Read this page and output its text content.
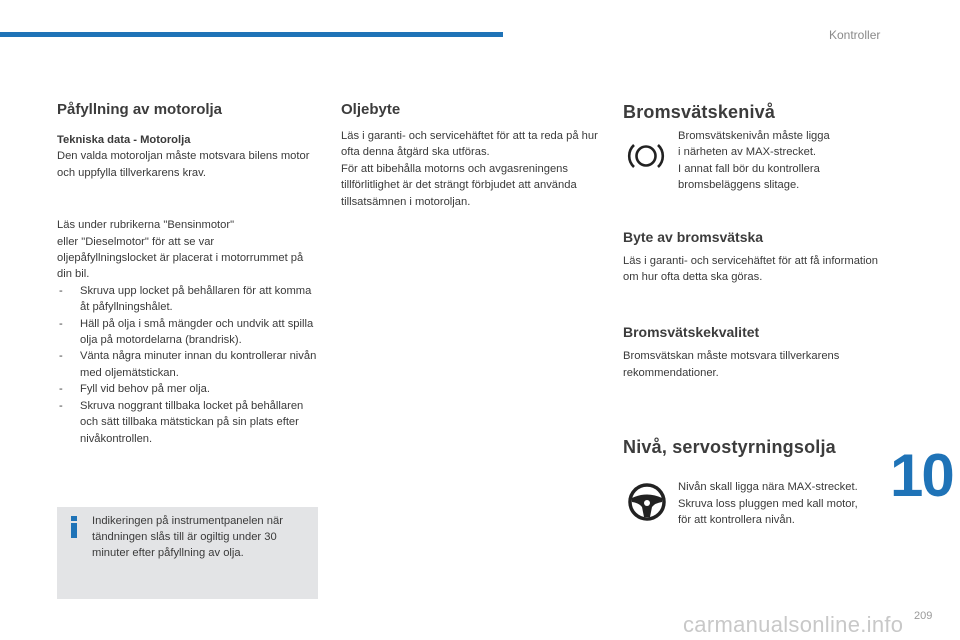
Kontroller
Påfyllning av motorolja

Tekniska data - Motorolja

Den valda motoroljan måste motsvara bilens motor och uppfylla tillverkarens krav.

Läs under rubrikerna "Bensinmotor"

eller "Dieselmotor" för att se var

oljepåfyllningslocket är placerat i motorrummet på din bil.

- Skruva upp locket på behållaren för att komma åt påfyllningshålet.
- Häll på olja i små mängder och undvik att spilla olja på motordelarna (brandrisk).
- Vänta några minuter innan du kontrollerar nivån med oljemätstickan.
- Fyll vid behov på mer olja.
- Skruva noggrant tillbaka locket på behållaren och sätt tillbaka mätstickan på sin plats efter nivåkontrollen.
Indikeringen på instrumentpanelen när tändningen slås till är ogiltig under 30 minuter efter påfyllning av olja.
Oljebyte

Läs i garanti- och servicehäftet för att ta reda på hur ofta denna åtgärd ska utföras.

För att bibehålla motorns och avgasreningens tillförlitlighet är det strängt förbjudet att använda tillsatsämnen i motoroljan.

Bromsvätskenivå

Bromsvätskenivån måste ligga

i närheten av MAX-strecket.

I annat fall bör du kontrollera

bromsbeläggens slitage.

Byte av bromsvätska

Läs i garanti- och servicehäftet för att få information om hur ofta detta ska göras.

Bromsvätskekvalitet

Bromsvätskan måste motsvara tillverkarens rekommendationer.

Nivå, servostyrningsolja

Nivån skall ligga nära MAX-strecket.

Skruva loss pluggen med kall motor,

för att kontrollera nivån.

10
209
carmanualsonline.info
